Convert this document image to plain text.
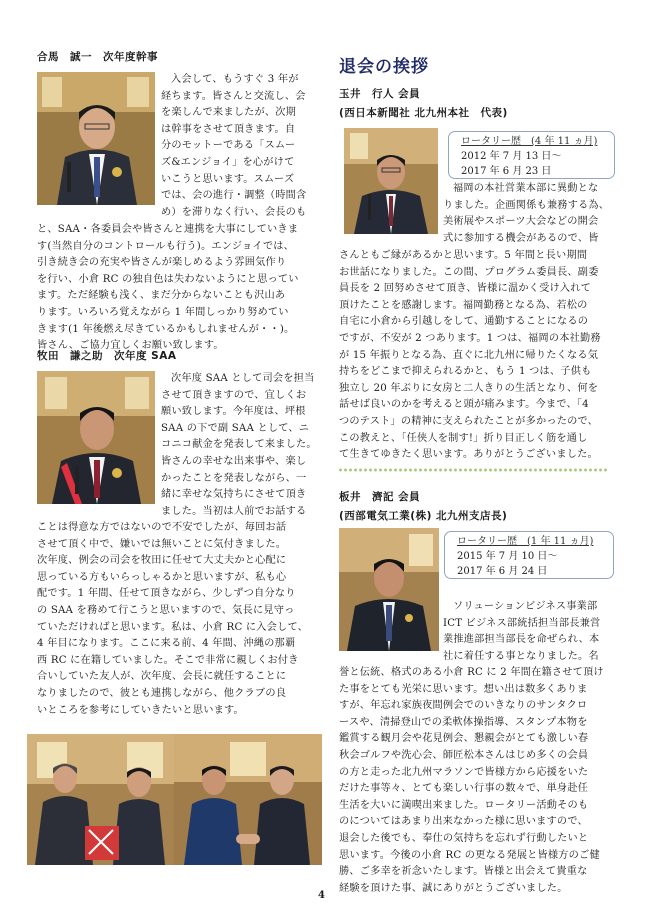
合馬　誠一　次年度幹事
入会して、もうすぐ 3 年が
経ちます。皆さんと交流し、会
を楽しんで来ましたが、次期
は幹事をさせて頂きます。自
分のモットーである「スムー
ズ&エンジョイ」を心がけて
いこうと思います。スムーズ
では、会の進行・調整（時間含
め）を滞りなく行い、会長のも
と、SAA・各委員会や皆さんと連携を大事にしていきま
す(当然自分のコントロールも行う)。エンジョイでは、
引き続き会の充実や皆さんが楽しめるよう雰囲気作り
を行い、小倉 RC の独自色は失わないようにと思ってい
ます。ただ経験も浅く、まだ分からないことも沢山あ
ります。いろいろ覚えながら 1 年間しっかり努めてい
きます(1 年後燃え尽きているかもしれませんが・・)。
皆さん、ご協力宜しくお願い致します。
牧田　謙之助　次年度 SAA
次年度 SAA として司会を担当
させて頂きますので、宜しくお
願い致します。今年度は、坪根
SAA の下で副 SAA として、ニ
コニコ献金を発表して来ました。
皆さんの幸せな出来事や、楽し
かったことを発表しながら、一
緒に幸せな気持ちにさせて頂き
ました。当初は人前でお話する
ことは得意な方ではないので不安でしたが、毎回お話
させて頂く中で、嫌いでは無いことに気付きました。
次年度、例会の司会を牧田に任せて大丈夫かと心配に
思っている方もいらっしゃるかと思いますが、私も心
配です。1 年間、任せて頂きながら、少しずつ自分なり
の SAA を務めて行こうと思いますので、気長に見守っ
ていただければと思います。私は、小倉 RC に入会して、
4 年目になります。ここに来る前、4 年間、沖縄の那覇
西 RC に在籍していました。そこで非常に親しくお付き
合いしていた友人が、次年度、会長に就任することに
なりましたので、彼とも連携しながら、他クラブの良
いところを参考にしていきたいと思います。
退会の挨拶
玉井　行人 会員
(西日本新聞社 北九州本社　代表)
ロータリー歴　(4 年 11 ヵ月)
2012 年 7 月 13 日～
2017 年 6 月 23 日
福岡の本社営業本部に異動とな
りました。企画関係も兼務する為、
美術展やスポーツ大会などの開会
式に参加する機会があるので、皆
さんともご縁があるかと思います。5 年間と長い期間
お世話になりました。この間、プログラム委員長、副委
員長を 2 回努めさせて頂き、皆様に温かく受け入れて
頂けたことを感謝します。福岡勤務となる為、若松の
自宅に小倉から引越しをして、通勤することになるの
ですが、不安が 2 つあります。1 つは、福岡の本社勤務
が 15 年振りとなる為、直ぐに北九州に帰りたくなる気
持ちをどこまで抑えられるかと、もう 1 つは、子供も
独立し 20 年ぶりに女房と二人きりの生活となり、何を
話せば良いのかを考えると頭が痛みます。今まで、「4
つのテスト」の精神に支えられたことが多かったので、
この教えと、「任侠人を制す!」折り目正しく筋を通し
て生きてゆきたく思います。ありがとうございました。
板井　濟記 会員
(西部電気工業(株) 北九州支店長)
ロータリー歴　(1 年 11 ヵ月)
2015 年 7 月 10 日～
2017 年 6 月 24 日
ソリューションビジネス事業部
ICT ビジネス部統括担当部長兼営
業推進部担当部長を命ぜられ、本
社に着任する事となりました。名
誉と伝統、格式のある小倉 RC に 2 年間在籍させて頂け
た事をとても光栄に思います。想い出は数多くありま
すが、年忘れ家族夜間例会でのいきなりのサンタクロ
ースや、清掃登山での柔軟体操指導、スタンプ本物を
鑑賞する観月会や花見例会、懇親会がとても激しい春
秋会ゴルフや洗心会、師匠松本さんはじめ多くの会員
の方と走った北九州マラソンで皆様方から応援をいた
だけた事等々、とても楽しい行事の数々で、単身赴任
生活を大いに満喫出来ました。ロータリー活動そのも
のについてはあまり出来なかった様に思いますので、
退会した後でも、奉仕の気持ちを忘れず行動したいと
思います。今後の小倉 RC の更なる発展と皆様方のご健
勝、ご多幸を祈念いたします。皆様と出会えて貴重な
経験を頂けた事、誠にありがとうございました。
4
